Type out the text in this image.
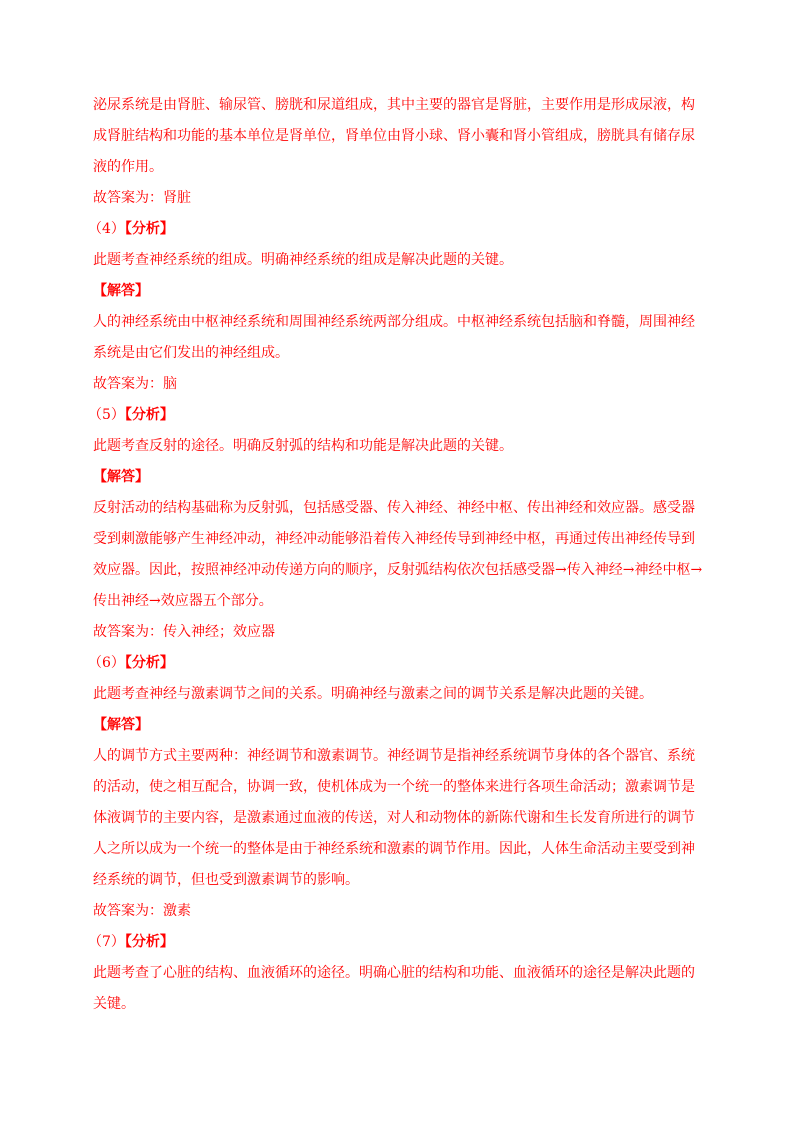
泌尿系统是由肾脏、输尿管、膀胱和尿道组成，其中主要的器官是肾脏，主要作用是形成尿液，构成肾脏结构和功能的基本单位是肾单位，肾单位由肾小球、肾小囊和肾小管组成，膀胱具有储存尿液的作用。

故答案为：肾脏

（4）【分析】

此题考查神经系统的组成。明确神经系统的组成是解决此题的关键。

【解答】

人的神经系统由中枢神经系统和周围神经系统两部分组成。中枢神经系统包括脑和脊髓，周围神经系统是由它们发出的神经组成。

故答案为：脑

（5）【分析】

此题考查反射的途径。明确反射弧的结构和功能是解决此题的关键。

【解答】

反射活动的结构基础称为反射弧，包括感受器、传入神经、神经中枢、传出神经和效应器。感受器受到刺激能够产生神经冲动，神经冲动能够沿着传入神经传导到神经中枢，再通过传出神经传导到效应器。因此，按照神经冲动传递方向的顺序，反射弧结构依次包括感受器→传入神经→神经中枢→传出神经→效应器五个部分。

故答案为：传入神经；效应器

（6）【分析】

此题考查神经与激素调节之间的关系。明确神经与激素之间的调节关系是解决此题的关键。

【解答】

人的调节方式主要两种：神经调节和激素调节。神经调节是指神经系统调节身体的各个器官、系统的活动，使之相互配合，协调一致，使机体成为一个统一的整体来进行各项生命活动；激素调节是体液调节的主要内容，是激素通过血液的传送，对人和动物体的新陈代谢和生长发育所进行的调节人之所以成为一个统一的整体是由于神经系统和激素的调节作用。因此，人体生命活动主要受到神经系统的调节，但也受到激素调节的影响。

故答案为：激素

（7）【分析】

此题考查了心脏的结构、血液循环的途径。明确心脏的结构和功能、血液循环的途径是解决此题的关键。
